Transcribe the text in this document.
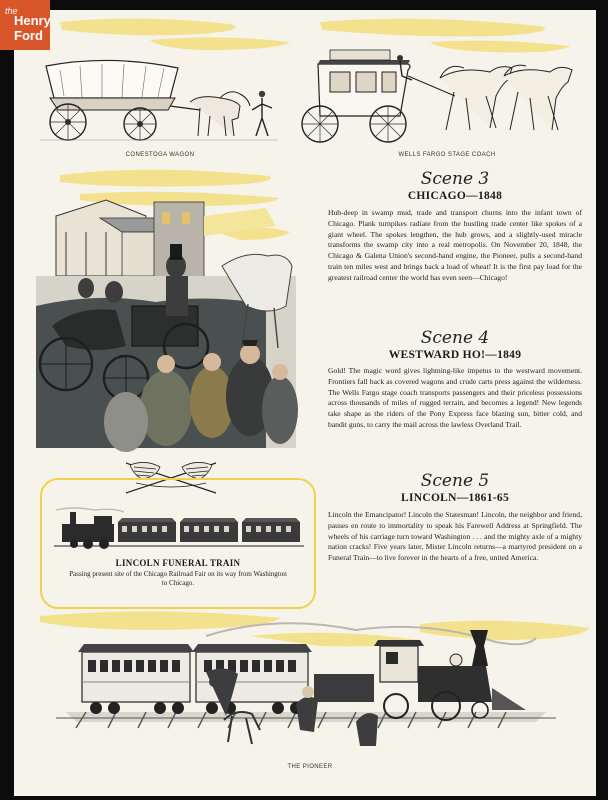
the
Henry
Ford
CONESTOGA WAGON	WELLS FARGO STAGE COACH
Scene 3
CHICAGO—1848
Hub-deep in swamp mud, trade and transport churns into the infant town of Chicago. Plank turnpikes radiate from the bustling trade center like spokes of a giant wheel. The spokes lengthen, the hub grows, and a slightly-used miracle transforms the swamp city into a real metropolis. On November 20, 1848, the Chicago & Galena Union's second-hand engine, the Pioneer, pulls a second-hand train ten miles west and brings back a load of wheat! It is the first pay load for the greatest railroad center the world has even seen—Chicago!
Scene 4
WESTWARD HO!—1849
Gold! The magic word gives lightning-like impetus to the westward movement. Frontiers fall back as covered wagons and crude carts press against the wilderness. The Wells Fargo stage coach transports passengers and their priceless possessions across thousands of miles of rugged terrain, and becomes a legend! New legends take shape as the riders of the Pony Express face blazing sun, bitter cold, and bandit guns, to carry the mail across the lawless Overland Trail.
Scene 5
LINCOLN—1861-65
Lincoln the Emancipator! Lincoln the Statesman! Lincoln, the neighbor and friend, pauses en route to immortality to speak his Farewell Address at Springfield. The wheels of his carriage turn toward Washington . . . and the mighty axle of a mighty nation cracks! Five years later, Mister Lincoln returns—a martyred president on a Funeral Train—to live forever in the hearts of a free, united America.
LINCOLN FUNERAL TRAIN
Passing present site of the Chicago Railroad Fair on its way from Washington to Chicago.
THE PIONEER
